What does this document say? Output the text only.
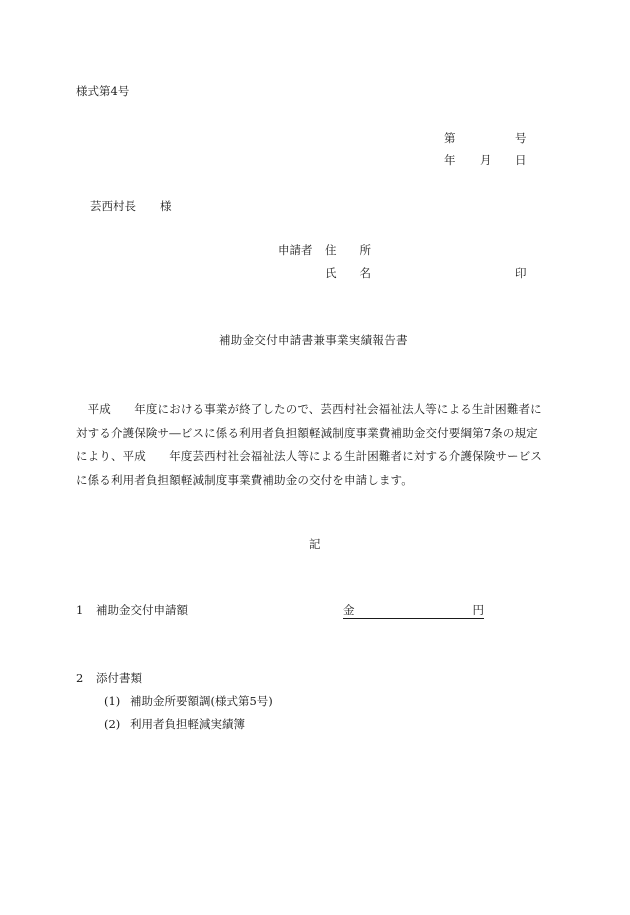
様式第4号
第	号
年 月 日
芸西村長 様
申請者 住　　所
氏　　名	印
補助金交付申請書兼事業実績報告書
　平成　　年度における事業が終了したので、芸西村社会福祉法人等による生計困難者に
対する介護保険サ―ビスに係る利用者負担額軽減制度事業費補助金交付要綱第7条の規定
により、平成　　年度芸西村社会福祉法人等による生計困難者に対する介護保険サービス
に係る利用者負担額軽減制度事業費補助金の交付を申請します。
記
1 補助金交付申請額	金	円
2 添付書類
(1) 補助金所要額調(様式第5号)
(2) 利用者負担軽減実績簿
